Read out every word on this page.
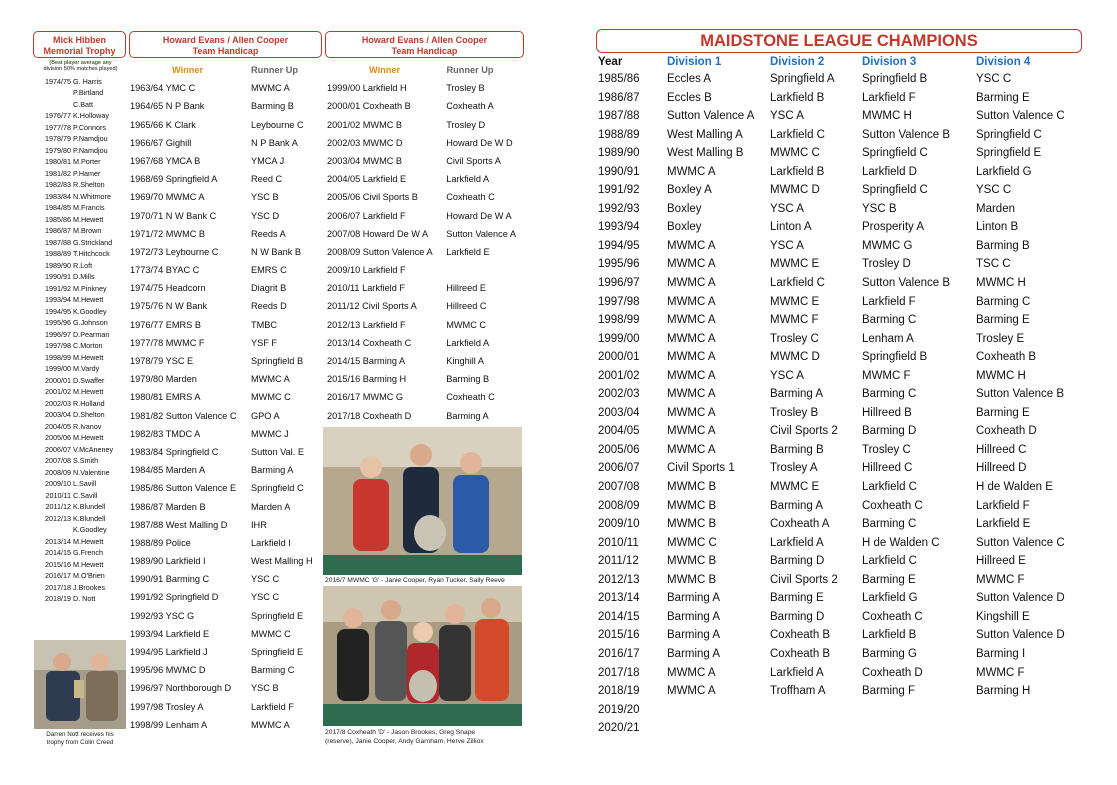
Mick Hibben
Memorial Trophy
(Best player average any
division 50% matches played)
1974/75 G. Harris
P.Birtland
C.Batt
1976/77 K.Holloway
1977/78 P.Connors
1978/79 P.Namdjou
1979/80 P.Namdjou
1980/81 M.Porter
1981/82 P.Hamer
1982/83 R.Shelton
1983/84 N.Whitmore
1984/85 M.Francis
1985/86 M.Hewett
1986/87 M.Brown
1987/88 G.Strickland
1988/89 T.Hitchcock
1989/90 R.Loft
1990/91 D.Mills
1991/92 M.Pinkney
1993/94 M.Hewett
1994/95 K.Goodley
1995/96 G.Johnson
1996/97 D.Pearman
1997/98 C.Morton
1998/99 M.Hewett
1999/00 M.Vardy
2000/01 D.Swaffer
2001/02 M.Hewett
2002/03 R.Holland
2003/04 D.Shelton
2004/05 R.Ivanov
2005/06 M.Hewett
2006/07 V.McAneney
2007/08 S.Smith
2008/09 N.Valentine
2009/10 L.Savill
2010/11 C.Savill
2011/12 K.Blundell
2012/13 K.Blundell
K.Goodley
2013/14 M.Hewett
2014/15 G.French
2015/16 M.Hewett
2016/17 M.O'Brien
2017/18 J.Brookes
2018/19 D. Nott
Darren Nott receives his
trophy from Colin Creed
Howard Evans / Allen Cooper
Team Handicap
Winner	Runner Up
1963/64 YMC C	MWMC A
1964/65 N P Bank	Barming B
1965/66 K Clark	Leybourne C
1966/67 Gighill	N P Bank A
1967/68 YMCA B	YMCA J
1968/69 Springfield A	Reed C
1969/70 MWMC A	YSC B
1970/71 N W Bank C	YSC D
1971/72 MWMC B	Reeds A
1972/73 Leybourne C	N W Bank B
1773/74 BYAC C	EMRS C
1974/75 Headcorn	Diagrit B
1975/76 N W Bank	Reeds D
1976/77 EMRS B	TMBC
1977/78 MWMC F	YSF F
1978/79 YSC E	Springfield B
1979/80 Marden	MWMC A
1980/81 EMRS A	MWMC C
1981/82 Sutton Valence C	GPO A
1982/83 TMDC A	MWMC J
1983/84 Springfield C	Sutton Val. E
1984/85 Marden A	Barming A
1985/86 Sutton Valence E	Springfield C
1986/87 Marden B	Marden A
1987/88 West Malling D	IHR
1988/89 Police	Larkfield I
1989/90 Larkfield I	West Malling H
1990/91 Barming C	YSC C
1991/92 Springfield D	YSC C
1992/93 YSC G	Springfield E
1993/94 Larkfield E	MWMC C
1994/95 Larkfield J	Springfield E
1995/96 MWMC D	Barming C
1996/97 Northborough D	YSC B
1997/98 Trosley A	Larkfield F
1998/99 Lenham A	MWMC A
Howard Evans / Allen Cooper
Team Handicap
Winner	Runner Up
1999/00 Larkfield H	Trosley B
2000/01 Coxheath B	Coxheath A
2001/02 MWMC B	Trosley D
2002/03 MWMC D	Howard De W D
2003/04 MWMC B	Civil Sports A
2004/05 Larkfield E	Larkfield A
2005/06 Civil Sports B	Coxheath C
2006/07 Larkfield F	Howard De W A
2007/08 Howard De W A	Sutton Valence A
2008/09 Sutton Valence A	Larkfield E
2009/10 Larkfield F
2010/11 Larkfield F	Hillreed E
2011/12 Civil Sports A	Hillreed C
2012/13 Larkfield F	MWMC C
2013/14 Coxheath C	Larkfield A
2014/15 Barming A	Kinghill A
2015/16 Barming H	Barming B
2016/17 MWMC G	Coxheath C
2017/18 Coxheath D	Barming A
2016/7 MWMC 'G' - Janie Cooper, Ryan Tucker, Sally Reeve
2017/8 Coxheath 'D' - Jason Brookes, Greg Snape
(reserve), Janie Cooper, Andy Garnham, Herve Zilliox
MAIDSTONE LEAGUE CHAMPIONS
Year	Division 1	Division 2	Division 3	Division 4
1985/86	Eccles A	Springfield A	Springfield B	YSC C
1986/87	Eccles B	Larkfield B	Larkfield F	Barming E
1987/88	Sutton Valence A	YSC A	MWMC H	Sutton Valence C
1988/89	West Malling A	Larkfield C	Sutton Valence B	Springfield C
1989/90	West Malling B	MWMC C	Springfield C	Springfield E
1990/91	MWMC A	Larkfield B	Larkfield D	Larkfield G
1991/92	Boxley A	MWMC D	Springfield C	YSC C
1992/93	Boxley	YSC A	YSC B	Marden
1993/94	Boxley	Linton A	Prosperity A	Linton B
1994/95	MWMC A	YSC A	MWMC G	Barming B
1995/96	MWMC A	MWMC E	Trosley D	TSC C
1996/97	MWMC A	Larkfield C	Sutton Valence B	MWMC H
1997/98	MWMC A	MWMC E	Larkfield F	Barming C
1998/99	MWMC A	MWMC F	Barming C	Barming E
1999/00	MWMC A	Trosley C	Lenham A	Trosley E
2000/01	MWMC A	MWMC D	Springfield B	Coxheath B
2001/02	MWMC A	YSC A	MWMC F	MWMC H
2002/03	MWMC A	Barming A	Barming C	Sutton Valence B
2003/04	MWMC A	Trosley B	Hillreed B	Barming E
2004/05	MWMC A	Civil Sports 2	Barming D	Coxheath D
2005/06	MWMC A	Barming B	Trosley C	Hillreed C
2006/07	Civil Sports 1	Trosley A	Hillreed C	Hillreed D
2007/08	MWMC B	MWMC E	Larkfield C	H de Walden E
2008/09	MWMC B	Barming A	Coxheath C	Larkfield F
2009/10	MWMC B	Coxheath A	Barming C	Larkfield E
2010/11	MWMC C	Larkfield A	H de Walden C	Sutton Valence C
2011/12	MWMC B	Barming D	Larkfield C	Hillreed E
2012/13	MWMC B	Civil Sports 2	Barming E	MWMC F
2013/14	Barming A	Barming E	Larkfield G	Sutton Valence D
2014/15	Barming A	Barming D	Coxheath C	Kingshill E
2015/16	Barming A	Coxheath B	Larkfield B	Sutton Valence D
2016/17	Barming A	Coxheath B	Barming G	Barming I
2017/18	MWMC A	Larkfield A	Coxheath D	MWMC F
2018/19	MWMC A	Troffham A	Barming F	Barming H
2019/20
2020/21
